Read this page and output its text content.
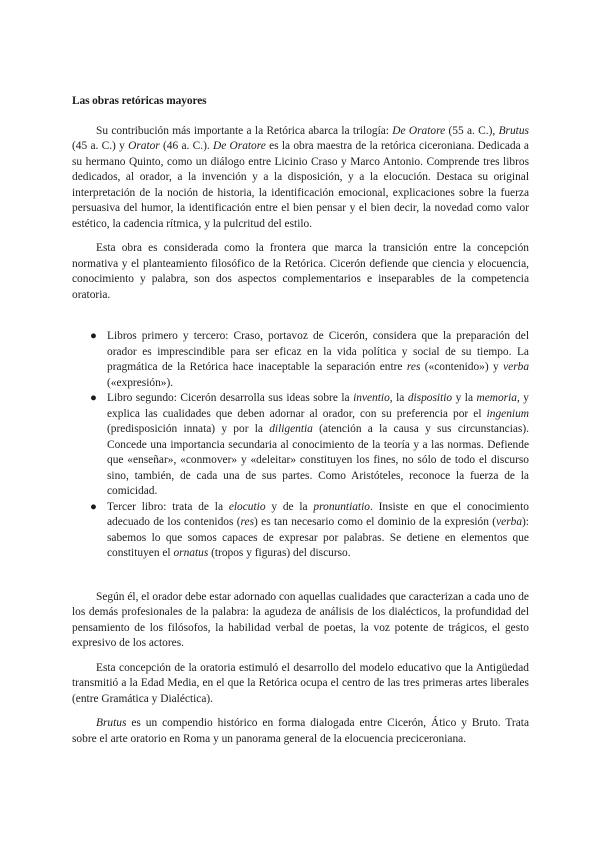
Las obras retóricas mayores

Su contribución más importante a la Retórica abarca la trilogía: De Oratore (55 a. C.), Brutus (45 a. C.) y Orator (46 a. C.). De Oratore es la obra maestra de la retórica ciceroniana. Dedicada a su hermano Quinto, como un diálogo entre Licinio Craso y Marco Antonio. Comprende tres libros dedicados, al orador, a la invención y a la disposición, y a la elocución. Destaca su original interpretación de la noción de historia, la identificación emocional, explicaciones sobre la fuerza persuasiva del humor, la identificación entre el bien pensar y el bien decir, la novedad como valor estético, la cadencia rítmica, y la pulcritud del estilo.

Esta obra es considerada como la frontera que marca la transición entre la concepción normativa y el planteamiento filosófico de la Retórica. Cicerón defiende que ciencia y elocuencia, conocimiento y palabra, son dos aspectos complementarios e inseparables de la competencia oratoria.

● Libros primero y tercero: Craso, portavoz de Cicerón, considera que la preparación del orador es imprescindible para ser eficaz en la vida política y social de su tiempo. La pragmática de la Retórica hace inaceptable la separación entre res («contenido») y verba («expresión»).
● Libro segundo: Cicerón desarrolla sus ideas sobre la inventio, la dispositio y la memoria, y explica las cualidades que deben adornar al orador, con su preferencia por el ingenium (predisposición innata) y por la diligentia (atención a la causa y sus circunstancias). Concede una importancia secundaria al conocimiento de la teoría y a las normas. Defiende que «enseñar», «conmover» y «deleitar» constituyen los fines, no sólo de todo el discurso sino, también, de cada una de sus partes. Como Aristóteles, reconoce la fuerza de la comicidad.
● Tercer libro: trata de la elocutio y de la pronuntiatio. Insiste en que el conocimiento adecuado de los contenidos (res) es tan necesario como el dominio de la expresión (verba): sabemos lo que somos capaces de expresar por palabras. Se detiene en elementos que constituyen el ornatus (tropos y figuras) del discurso.

Según él, el orador debe estar adornado con aquellas cualidades que caracterizan a cada uno de los demás profesionales de la palabra: la agudeza de análisis de los dialécticos, la profundidad del pensamiento de los filósofos, la habilidad verbal de poetas, la voz potente de trágicos, el gesto expresivo de los actores.

Esta concepción de la oratoria estimuló el desarrollo del modelo educativo que la Antigüedad transmitió a la Edad Media, en el que la Retórica ocupa el centro de las tres primeras artes liberales (entre Gramática y Dialéctica).

Brutus es un compendio histórico en forma dialogada entre Cicerón, Ático y Bruto. Trata sobre el arte oratorio en Roma y un panorama general de la elocuencia preciceroniana.
